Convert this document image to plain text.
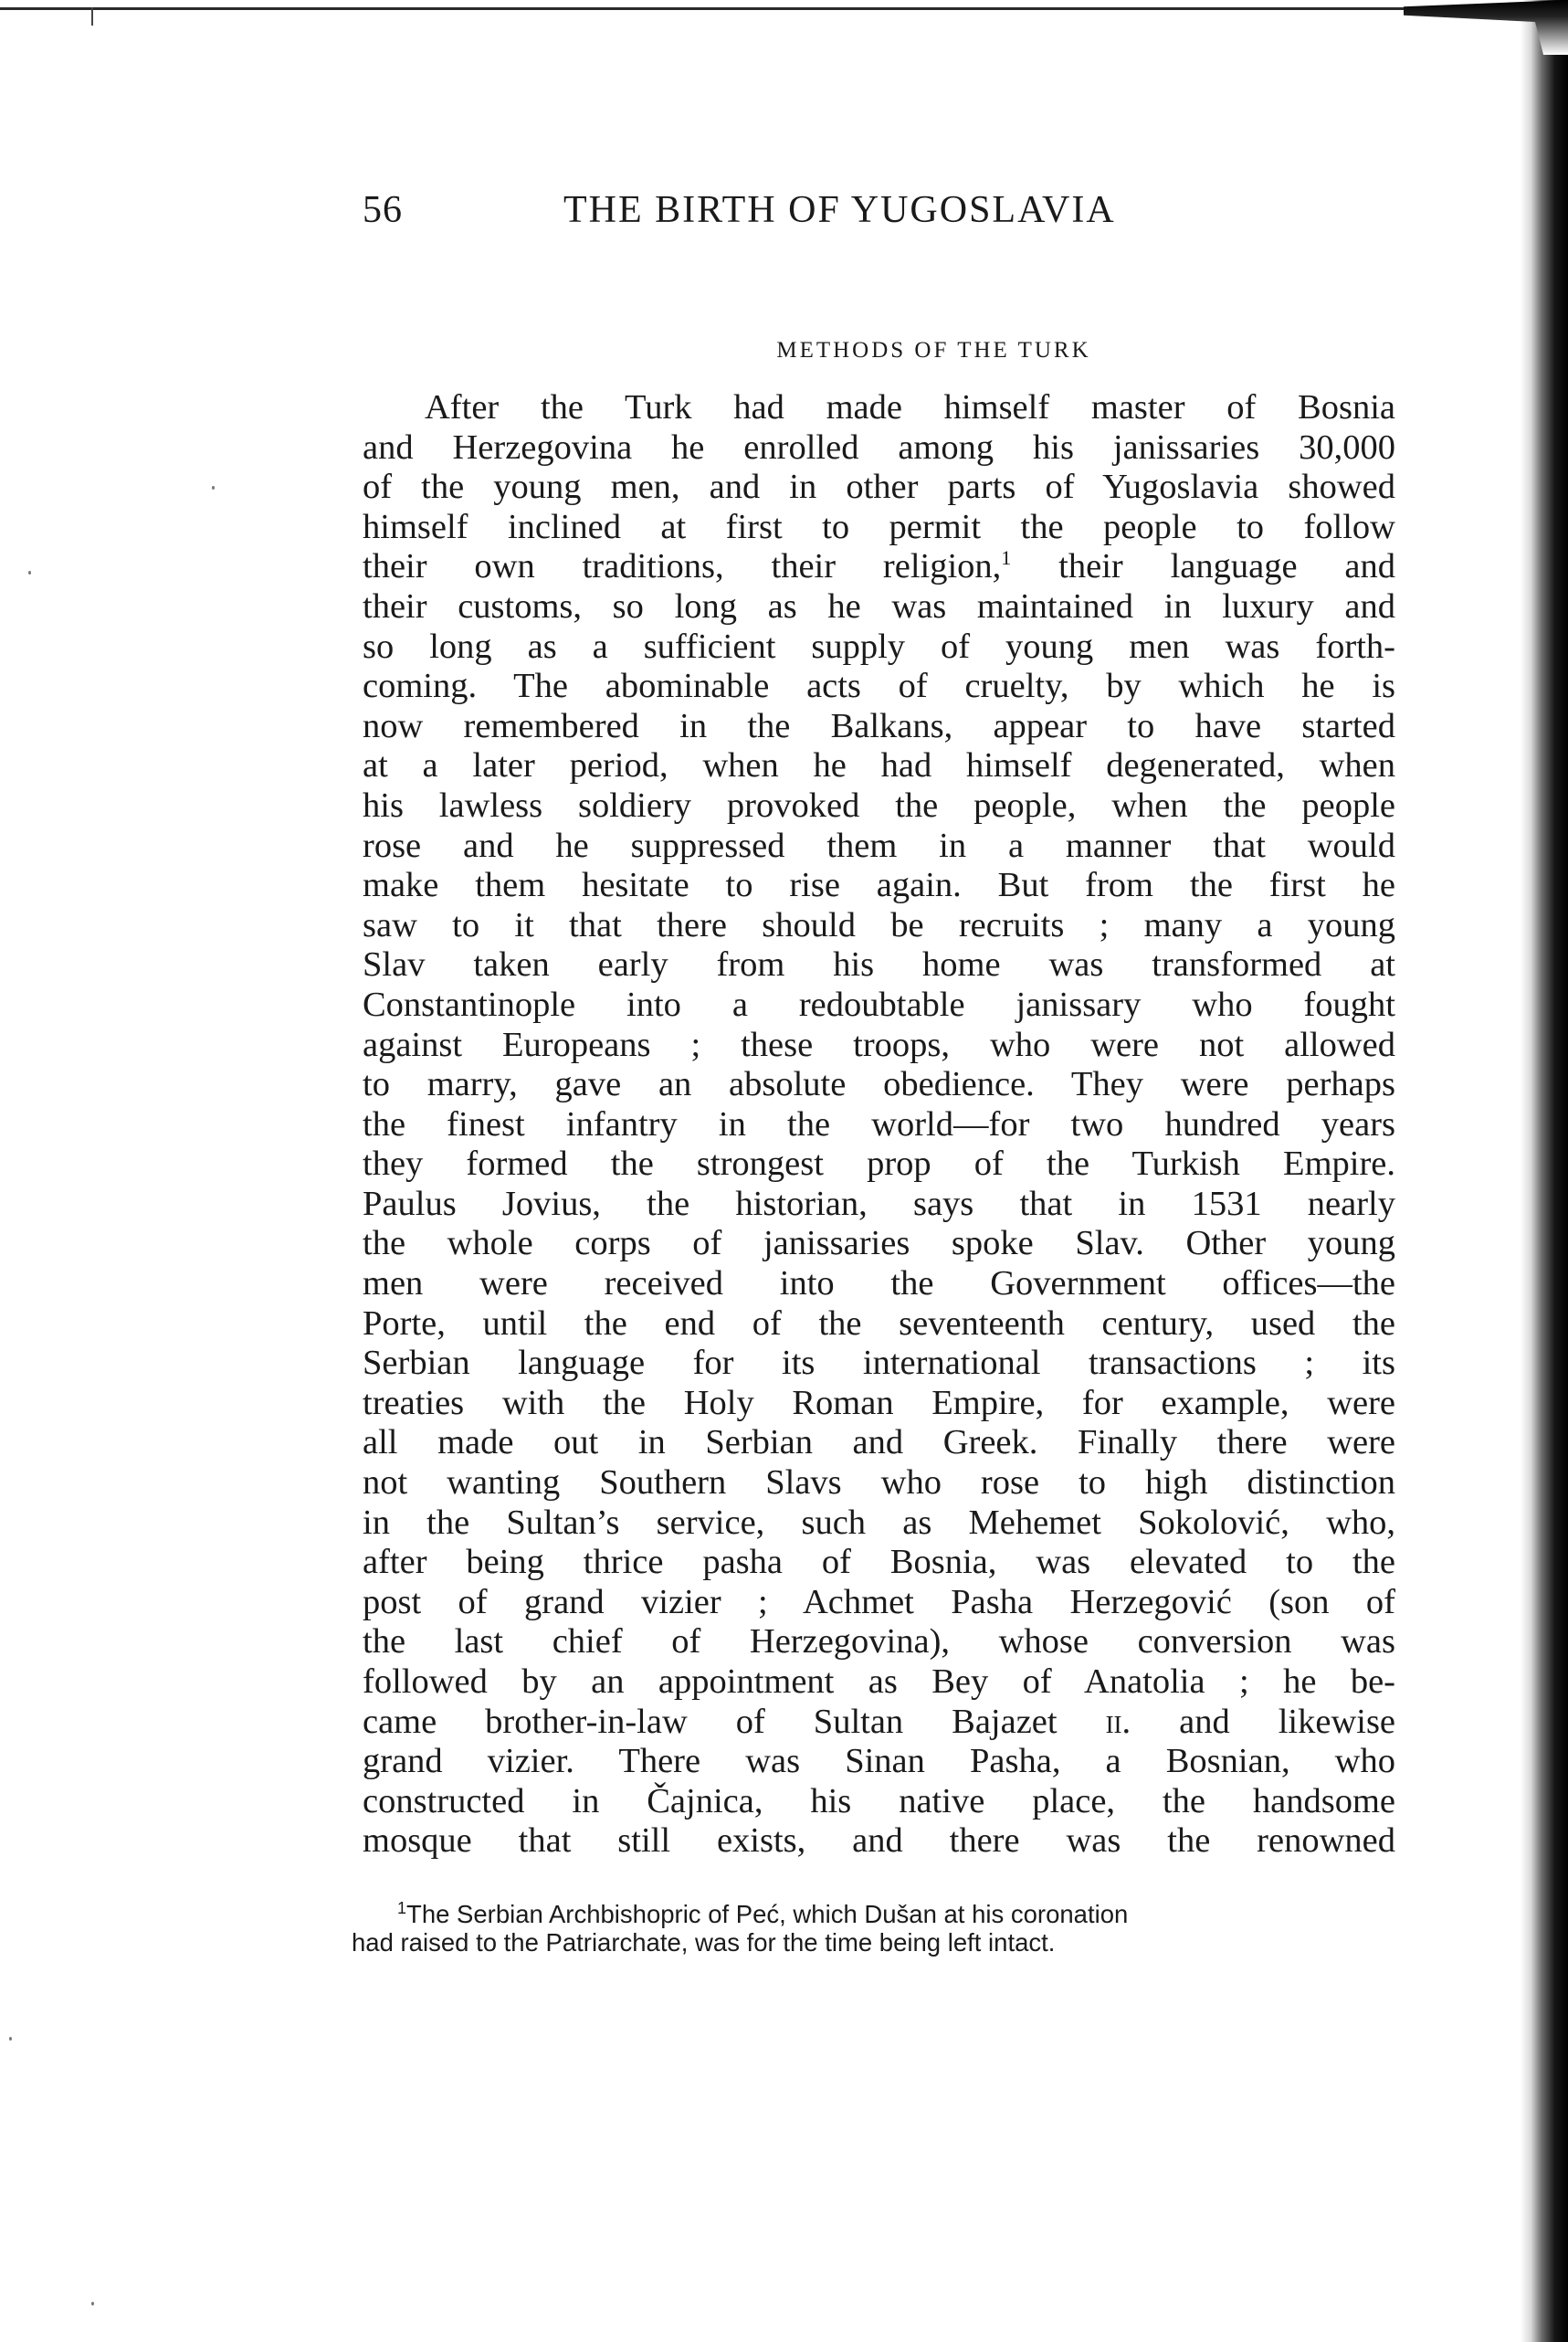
56	THE BIRTH OF YUGOSLAVIA
METHODS OF THE TURK
After the Turk had made himself master of Bosnia
and Herzegovina he enrolled among his janissaries 30,000
of the young men, and in other parts of Yugoslavia showed
himself inclined at first to permit the people to follow
their own traditions, their religion,$^1$ their language and
their customs, so long as he was maintained in luxury and
so long as a sufficient supply of young men was forth-
coming. The abominable acts of cruelty, by which he is
now remembered in the Balkans, appear to have started
at a later period, when he had himself degenerated, when
his lawless soldiery provoked the people, when the people
rose and he suppressed them in a manner that would
make them hesitate to rise again. But from the first he
saw to it that there should be recruits ; many a young
Slav taken early from his home was transformed at
Constantinople into a redoubtable janissary who fought
against Europeans ; these troops, who were not allowed
to marry, gave an absolute obedience. They were perhaps
the finest infantry in the world—for two hundred years
they formed the strongest prop of the Turkish Empire.
Paulus Jovius, the historian, says that in 1531 nearly
the whole corps of janissaries spoke Slav. Other young
men were received into the Government offices—the
Porte, until the end of the seventeenth century, used the
Serbian language for its international transactions ; its
treaties with the Holy Roman Empire, for example, were
all made out in Serbian and Greek. Finally there were
not wanting Southern Slavs who rose to high distinction
in the Sultan’s service, such as Mehemet Sokolović, who,
after being thrice pasha of Bosnia, was elevated to the
post of grand vizier ; Achmet Pasha Herzegović (son of
the last chief of Herzegovina), whose conversion was
followed by an appointment as Bey of Anatolia ; he be-
came brother-in-law of Sultan Bajazet ii. and likewise
grand vizier. There was Sinan Pasha, a Bosnian, who
constructed in Čajnica, his native place, the handsome
mosque that still exists, and there was the renowned
$^1$The Serbian Archbishopric of Peć, which Dušan at his coronation
had raised to the Patriarchate, was for the time being left intact.
